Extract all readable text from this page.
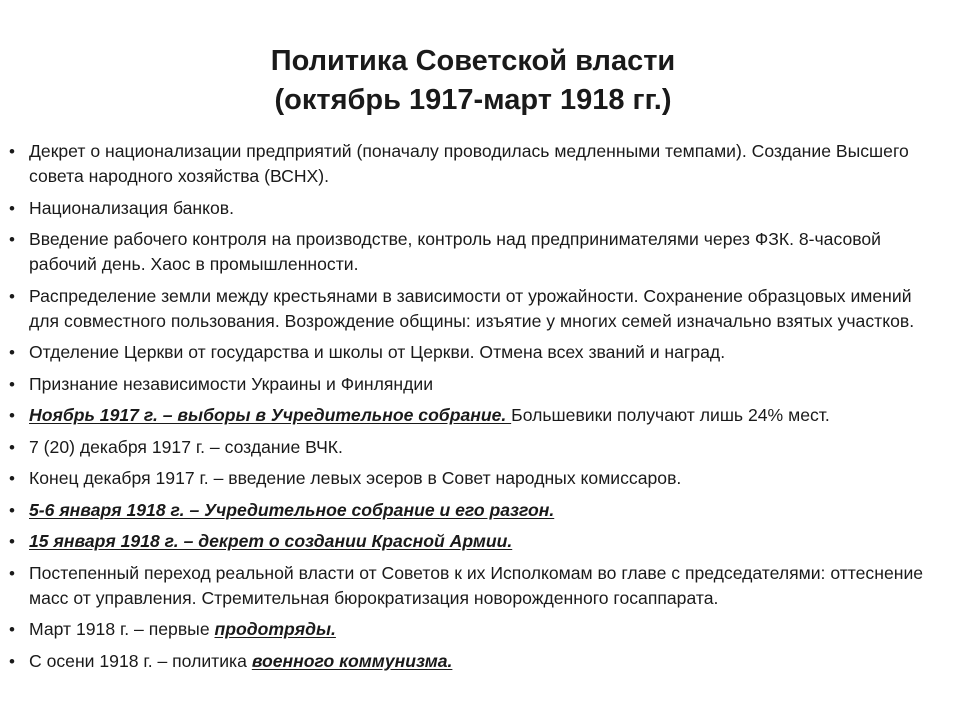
Политика Советской власти
(октябрь 1917-март 1918 гг.)
• Декрет о национализации предприятий (поначалу проводилась медленными темпами). Создание Высшего совета народного хозяйства (ВСНХ).
• Национализация банков.
• Введение рабочего контроля на производстве, контроль над предпринимателями через ФЗК. 8-часовой рабочий день. Хаос в промышленности.
• Распределение земли между крестьянами в зависимости от урожайности. Сохранение образцовых имений для совместного пользования. Возрождение общины: изъятие у многих семей изначально взятых участков.
• Отделение Церкви от государства и школы от Церкви. Отмена всех званий и наград.
• Признание независимости Украины и Финляндии
• Ноябрь 1917 г. – выборы в Учредительное собрание. Большевики получают лишь 24% мест.
• 7 (20) декабря 1917 г. – создание ВЧК.
• Конец декабря 1917 г. – введение левых эсеров в Совет народных комиссаров.
• 5-6 января 1918 г. – Учредительное собрание и его разгон.
• 15 января 1918 г. – декрет о создании Красной Армии.
• Постепенный переход реальной власти от Советов к их Исполкомам во главе с председателями: оттеснение масс от управления. Стремительная бюрократизация новорожденного госаппарата.
• Март 1918 г. – первые продотряды.
• С осени 1918 г. – политика военного коммунизма.
